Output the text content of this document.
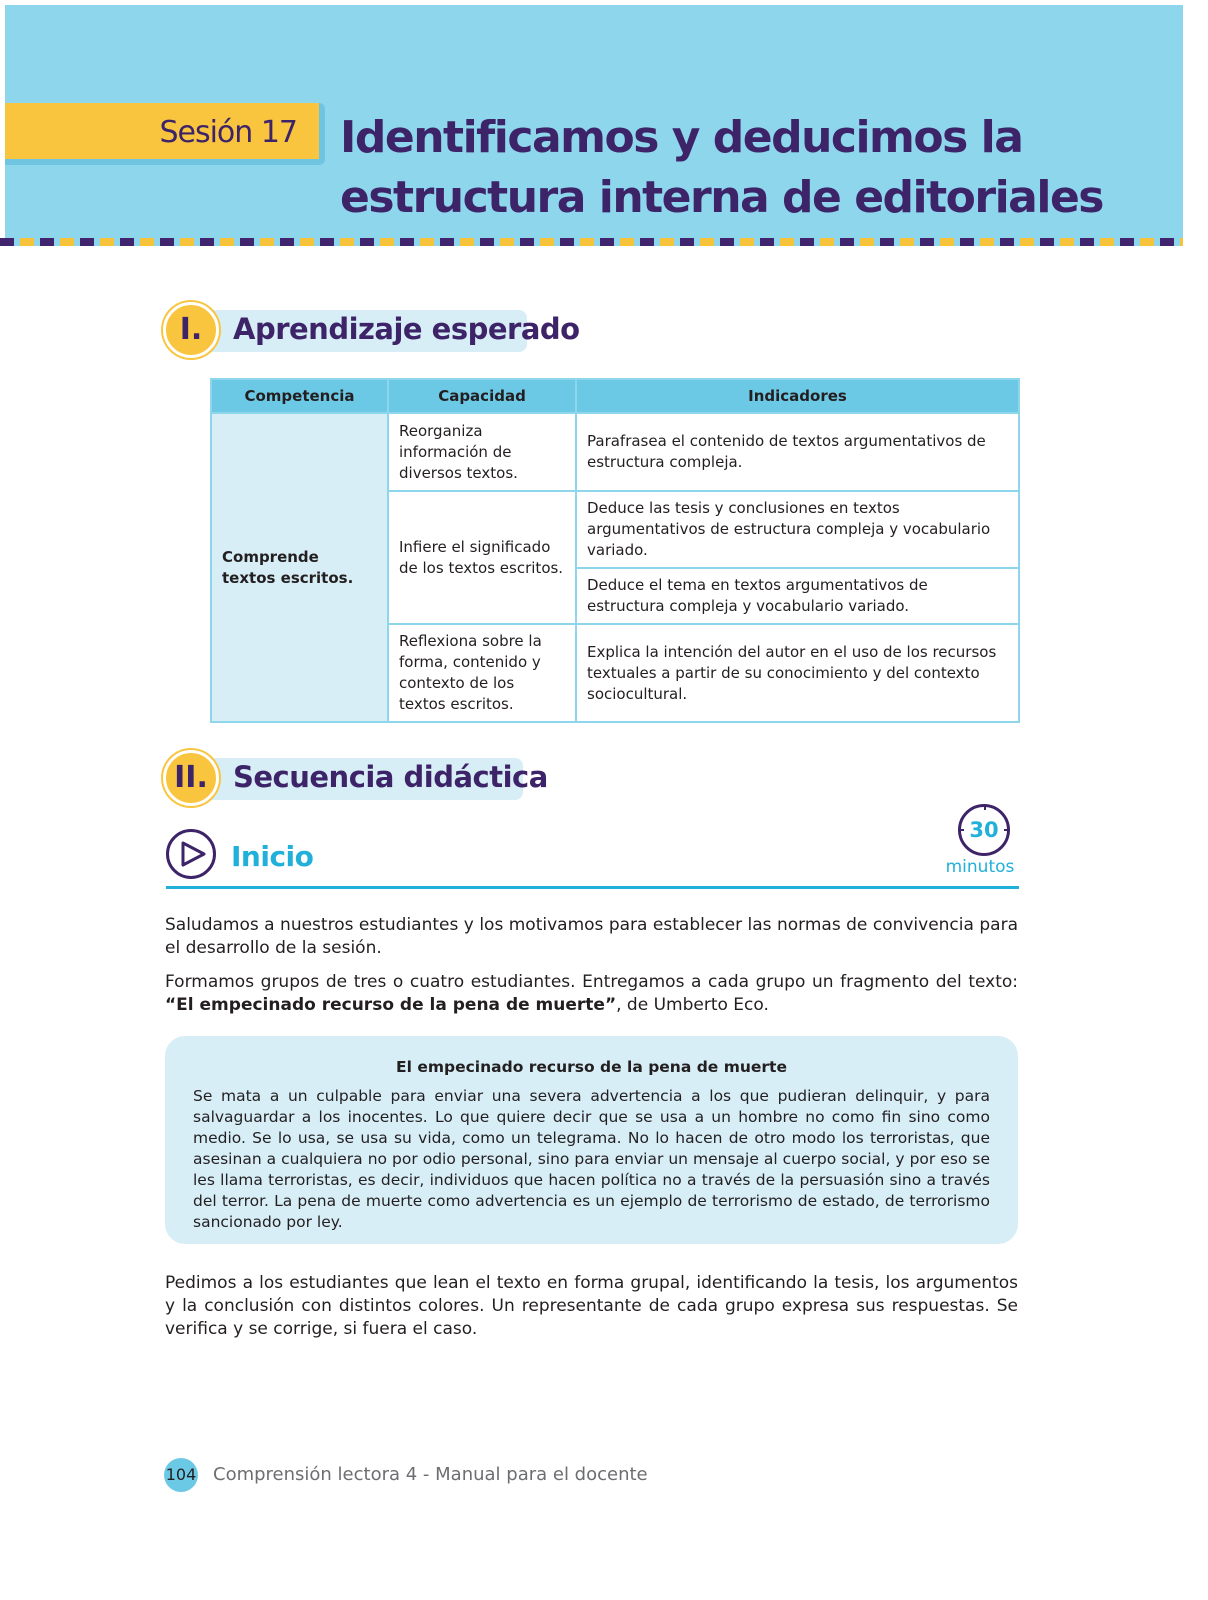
Sesión 17 Identificamos y deducimos la estructura interna de editoriales
I.	Aprendizaje esperado
Competencia	Capacidad	Indicadores
Comprende textos escritos.	Reorganiza información de diversos textos.	Parafrasea el contenido de textos argumentativos de estructura compleja.
	Infiere el significado de los textos escritos.	Deduce las tesis y conclusiones en textos argumentativos de estructura compleja y vocabulario variado.
		Deduce el tema en textos argumentativos de estructura compleja y vocabulario variado.
	Reflexiona sobre la forma, contenido y contexto de los textos escritos.	Explica la intención del autor en el uso de los recursos textuales a partir de su conocimiento y del contexto sociocultural.
II. Secuencia didáctica
Inicio
30
minutos

Saludamos a nuestros estudiantes y los motivamos para establecer las normas de convivencia para el desarrollo de la sesión.

Formamos grupos de tres o cuatro estudiantes. Entregamos a cada grupo un fragmento del texto: “El empecinado recurso de la pena de muerte”, de Umberto Eco.

El empecinado recurso de la pena de muerte
Se mata a un culpable para enviar una severa advertencia a los que pudieran delinquir, y para salvaguardar a los inocentes. Lo que quiere decir que se usa a un hombre no como fin sino como medio. Se lo usa, se usa su vida, como un telegrama. No lo hacen de otro modo los terroristas, que asesinan a cualquiera no por odio personal, sino para enviar un mensaje al cuerpo social, y por eso se les llama terroristas, es decir, individuos que hacen política no a través de la persuasión sino a través del terror. La pena de muerte como advertencia es un ejemplo de terrorismo de estado, de terrorismo sancionado por ley.

Pedimos a los estudiantes que lean el texto en forma grupal, identificando la tesis, los argumentos y la conclusión con distintos colores. Un representante de cada grupo expresa sus respuestas. Se verifica y se corrige, si fuera el caso.

104 Comprensión lectora 4 - Manual para el docente
